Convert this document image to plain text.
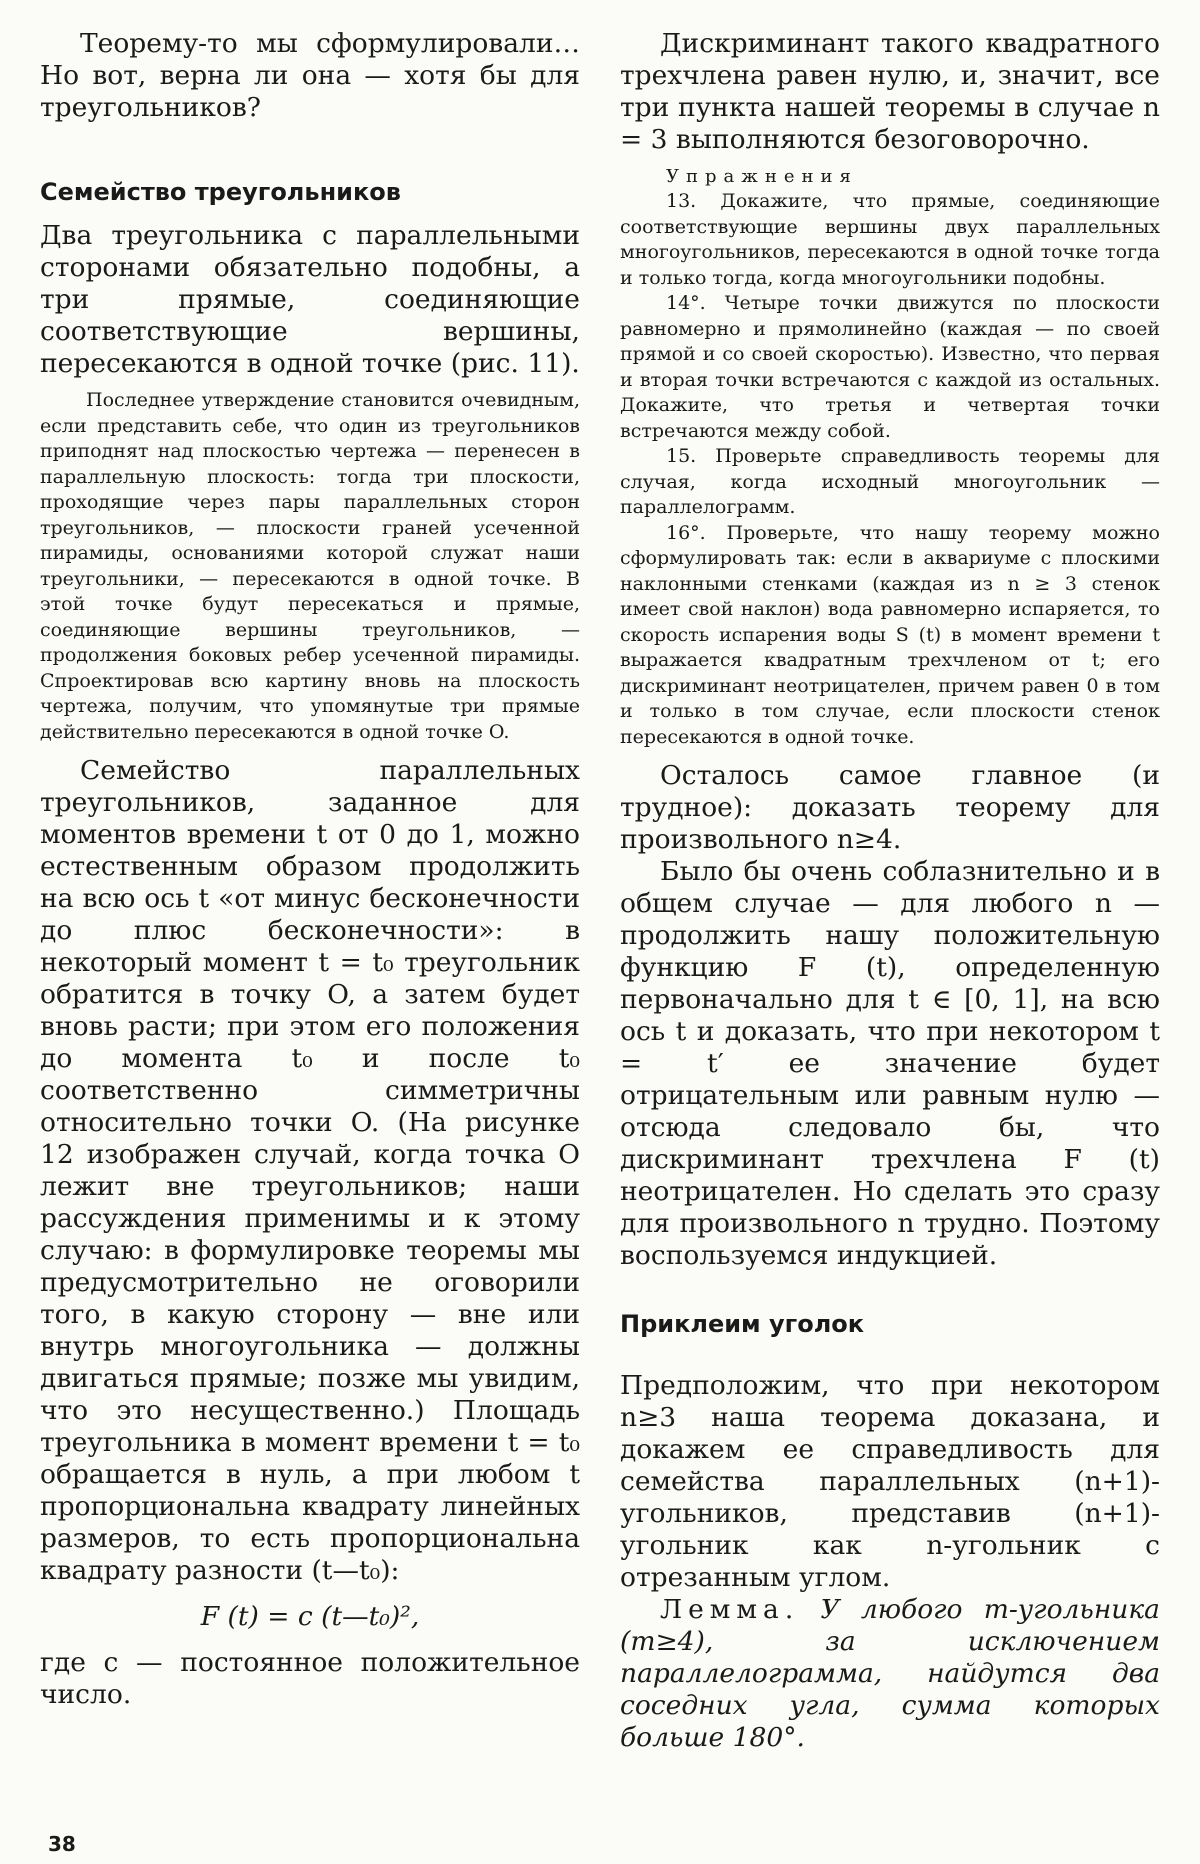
Теорему-то мы сформулировали… Но вот, верна ли она — хотя бы для треугольников?

Семейство треугольников

Два треугольника с параллельными сторонами обязательно подобны, а три прямые, соединяющие соответствующие вершины, пересекаются в одной точке (рис. 11).

Последнее утверждение становится очевидным, если представить себе, что один из треугольников приподнят над плоскостью чертежа — перенесен в параллельную плоскость: тогда три плоскости, проходящие через пары параллельных сторон треугольников, — плоскости граней усеченной пирамиды, основаниями которой служат наши треугольники, — пересекаются в одной точке. В этой точке будут пересекаться и прямые, соединяющие вершины треугольников, — продолжения боковых ребер усеченной пирамиды. Спроектировав всю картину вновь на плоскость чертежа, получим, что упомянутые три прямые действительно пересекаются в одной точке O.

Семейство параллельных треугольников, заданное для моментов времени t от 0 до 1, можно естественным образом продолжить на всю ось t «от минус бесконечности до плюс бесконечности»: в некоторый момент t = t₀ треугольник обратится в точку O, а затем будет вновь расти; при этом его положения до момента t₀ и после t₀ соответственно симметричны относительно точки O. (На рисунке 12 изображен случай, когда точка O лежит вне треугольников; наши рассуждения применимы и к этому случаю: в формулировке теоремы мы предусмотрительно не оговорили того, в какую сторону — вне или внутрь многоугольника — должны двигаться прямые; позже мы увидим, что это несущественно.) Площадь треугольника в момент времени t = t₀ обращается в нуль, а при любом t пропорциональна квадрату линейных размеров, то есть пропорциональна квадрату разности (t—t₀):

F (t) = c (t—t₀)²,

где c — постоянное положительное число.

Дискриминант такого квадратного трехчлена равен нулю, и, значит, все три пункта нашей теоремы в случае n = 3 выполняются безоговорочно.

Упражнения

13. Докажите, что прямые, соединяющие соответствующие вершины двух параллельных многоугольников, пересекаются в одной точке тогда и только тогда, когда многоугольники подобны.

14°. Четыре точки движутся по плоскости равномерно и прямолинейно (каждая — по своей прямой и со своей скоростью). Известно, что первая и вторая точки встречаются с каждой из остальных. Докажите, что третья и четвертая точки встречаются между собой.

15. Проверьте справедливость теоремы для случая, когда исходный многоугольник — параллелограмм.

16°. Проверьте, что нашу теорему можно сформулировать так: если в аквариуме с плоскими наклонными стенками (каждая из n ≥ 3 стенок имеет свой наклон) вода равномерно испаряется, то скорость испарения воды S (t) в момент времени t выражается квадратным трехчленом от t; его дискриминант неотрицателен, причем равен 0 в том и только в том случае, если плоскости стенок пересекаются в одной точке.

Осталось самое главное (и трудное): доказать теорему для произвольного n≥4.

Было бы очень соблазнительно и в общем случае — для любого n — продолжить нашу положительную функцию F (t), определенную первоначально для t ∈ [0, 1], на всю ось t и доказать, что при некотором t = t′ ее значение будет отрицательным или равным нулю — отсюда следовало бы, что дискриминант трехчлена F (t) неотрицателен. Но сделать это сразу для произвольного n трудно. Поэтому воспользуемся индукцией.

Приклеим уголок

Предположим, что при некотором n≥3 наша теорема доказана, и докажем ее справедливость для семейства параллельных (n+1)-угольников, представив (n+1)-угольник как n-угольник с отрезанным углом.

Лемма. У любого m-угольника (m≥4), за исключением параллелограмма, найдутся два соседних угла, сумма которых больше 180°.

38
